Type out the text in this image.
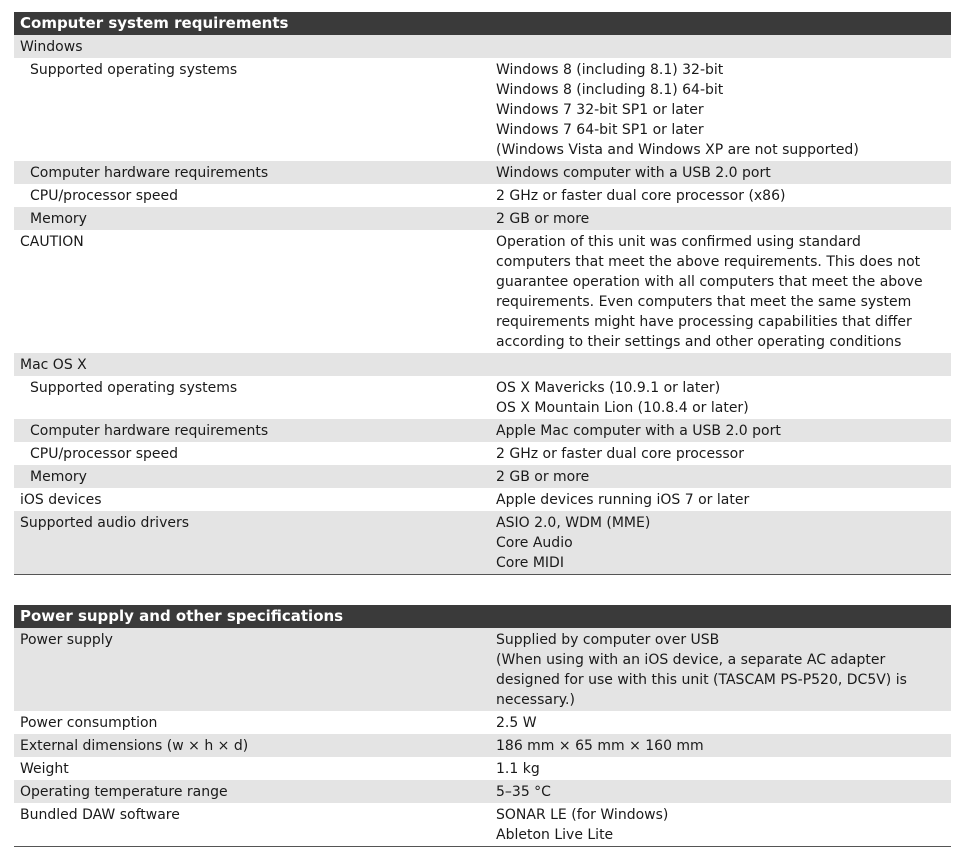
Computer system requirements
Windows

Supported operating systems	Windows 8 (including 8.1) 32-bit
Windows 8 (including 8.1) 64-bit
Windows 7 32-bit SP1 or later
Windows 7 64-bit SP1 or later
(Windows Vista and Windows XP are not supported)
Computer hardware requirements	Windows computer with a USB 2.0 port
CPU/processor speed	2 GHz or faster dual core processor (x86)
Memory	2 GB or more
CAUTION	Operation of this unit was confirmed using standard
computers that meet the above requirements. This does not
guarantee operation with all computers that meet the above
requirements. Even computers that meet the same system
requirements might have processing capabilities that differ
according to their settings and other operating conditions
Mac OS X

Supported operating systems	OS X Mavericks (10.9.1 or later)
OS X Mountain Lion (10.8.4 or later)
Computer hardware requirements	Apple Mac computer with a USB 2.0 port
CPU/processor speed	2 GHz or faster dual core processor
Memory	2 GB or more
iOS devices	Apple devices running iOS 7 or later
Supported audio drivers	ASIO 2.0, WDM (MME)
Core Audio
Core MIDI
Power supply and other specifications
Power supply	Supplied by computer over USB
(When using with an iOS device, a separate AC adapter
designed for use with this unit (TASCAM PS-P520, DC5V) is
necessary.)
Power consumption	2.5 W
External dimensions (w × h × d)	186 mm × 65 mm × 160 mm
Weight	1.1 kg
Operating temperature range	5–35 °C
Bundled DAW software	SONAR LE (for Windows)
Ableton Live Lite
